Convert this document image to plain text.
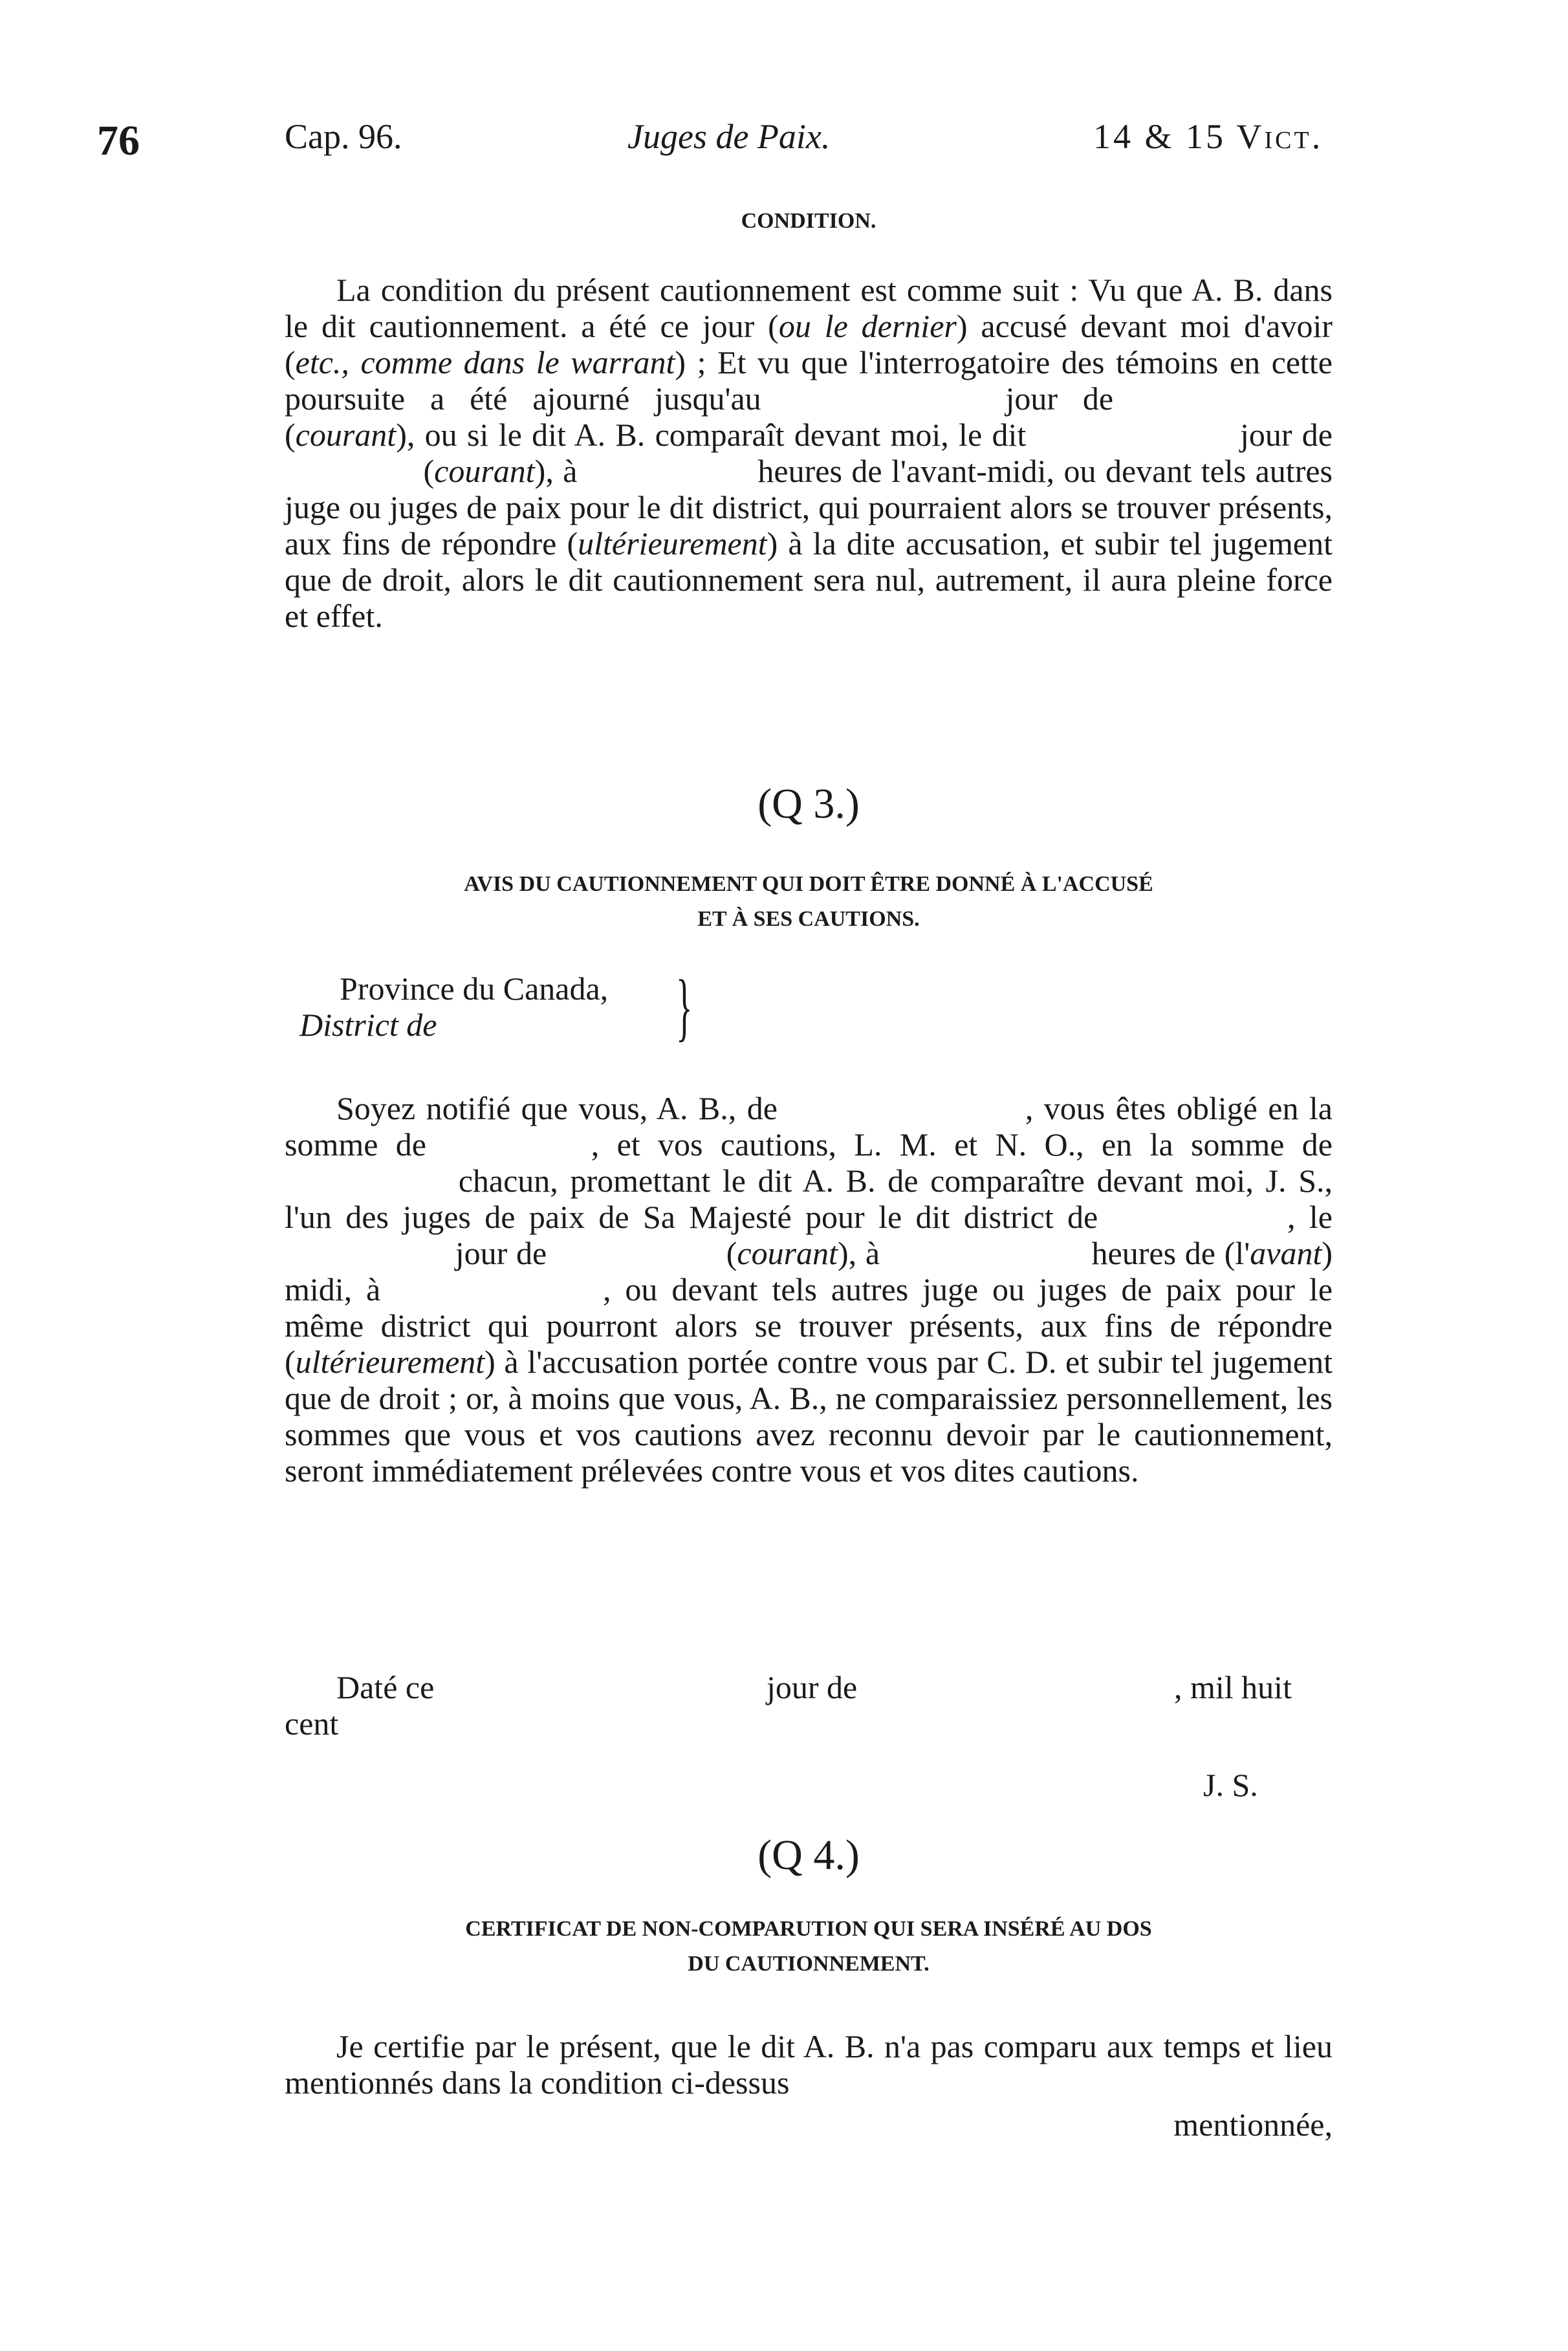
76	Cap. 96.	Juges de Paix.	14 & 15 Vict.
CONDITION.

La condition du présent cautionnement est comme suit : Vu que A. B. dans le dit cautionnement. a été ce jour (ou le dernier) accusé devant moi d'avoir (etc., comme dans le warrant) ; Et vu que l'interrogatoire des témoins en cette poursuite a été ajourné jusqu'au       	jour de        (courant), ou si le dit A. B. comparaît devant moi, le dit       	jour de      (courant), à      	heures de l'avant-midi, ou devant tels autres juge ou juges de paix pour le dit district, qui pourraient alors se trouver présents, aux fins de répondre (ultérieurement) à la dite accusation, et subir tel jugement que de droit, alors le dit cautionnement sera nul, autrement, il aura pleine force et effet.

(Q 3.)
AVIS DU CAUTIONNEMENT QUI DOIT ÊTRE DONNÉ À L'ACCUSÉ
ET À SES CAUTIONS.
Province du Canada,
District de	}

Soyez notifié que vous, A. B., de        	, vous êtes obligé en la somme de     	, et vos cautions, L. M. et N. O., en la somme de       chacun, promettant le dit A. B. de comparaître devant moi, J. S., l'un des juges de paix de Sa Majesté pour le dit district de      	, le       jour de      	(courant), à       	heures de (l'avant) midi, à       	, ou devant tels autres juge ou juges de paix pour le même district qui pourront alors se trouver présents, aux fins de répondre (ultérieurement) à l'accusation portée contre vous par C. D. et subir tel jugement que de droit ; or, à moins que vous, A. B., ne comparaissiez personnellement, les sommes que vous et vos cautions avez reconnu devoir par le cautionnement, seront immédiatement prélevées contre vous et vos dites cautions.

Daté ce	jour de	, mil huit
cent
J. S.
(Q 4.)
CERTIFICAT DE NON-COMPARUTION QUI SERA INSÉRÉ AU DOS
DU CAUTIONNEMENT.

Je certifie par le présent, que le dit A. B. n'a pas comparu aux temps et lieu mentionnés dans la condition ci-dessus

mentionnée,
